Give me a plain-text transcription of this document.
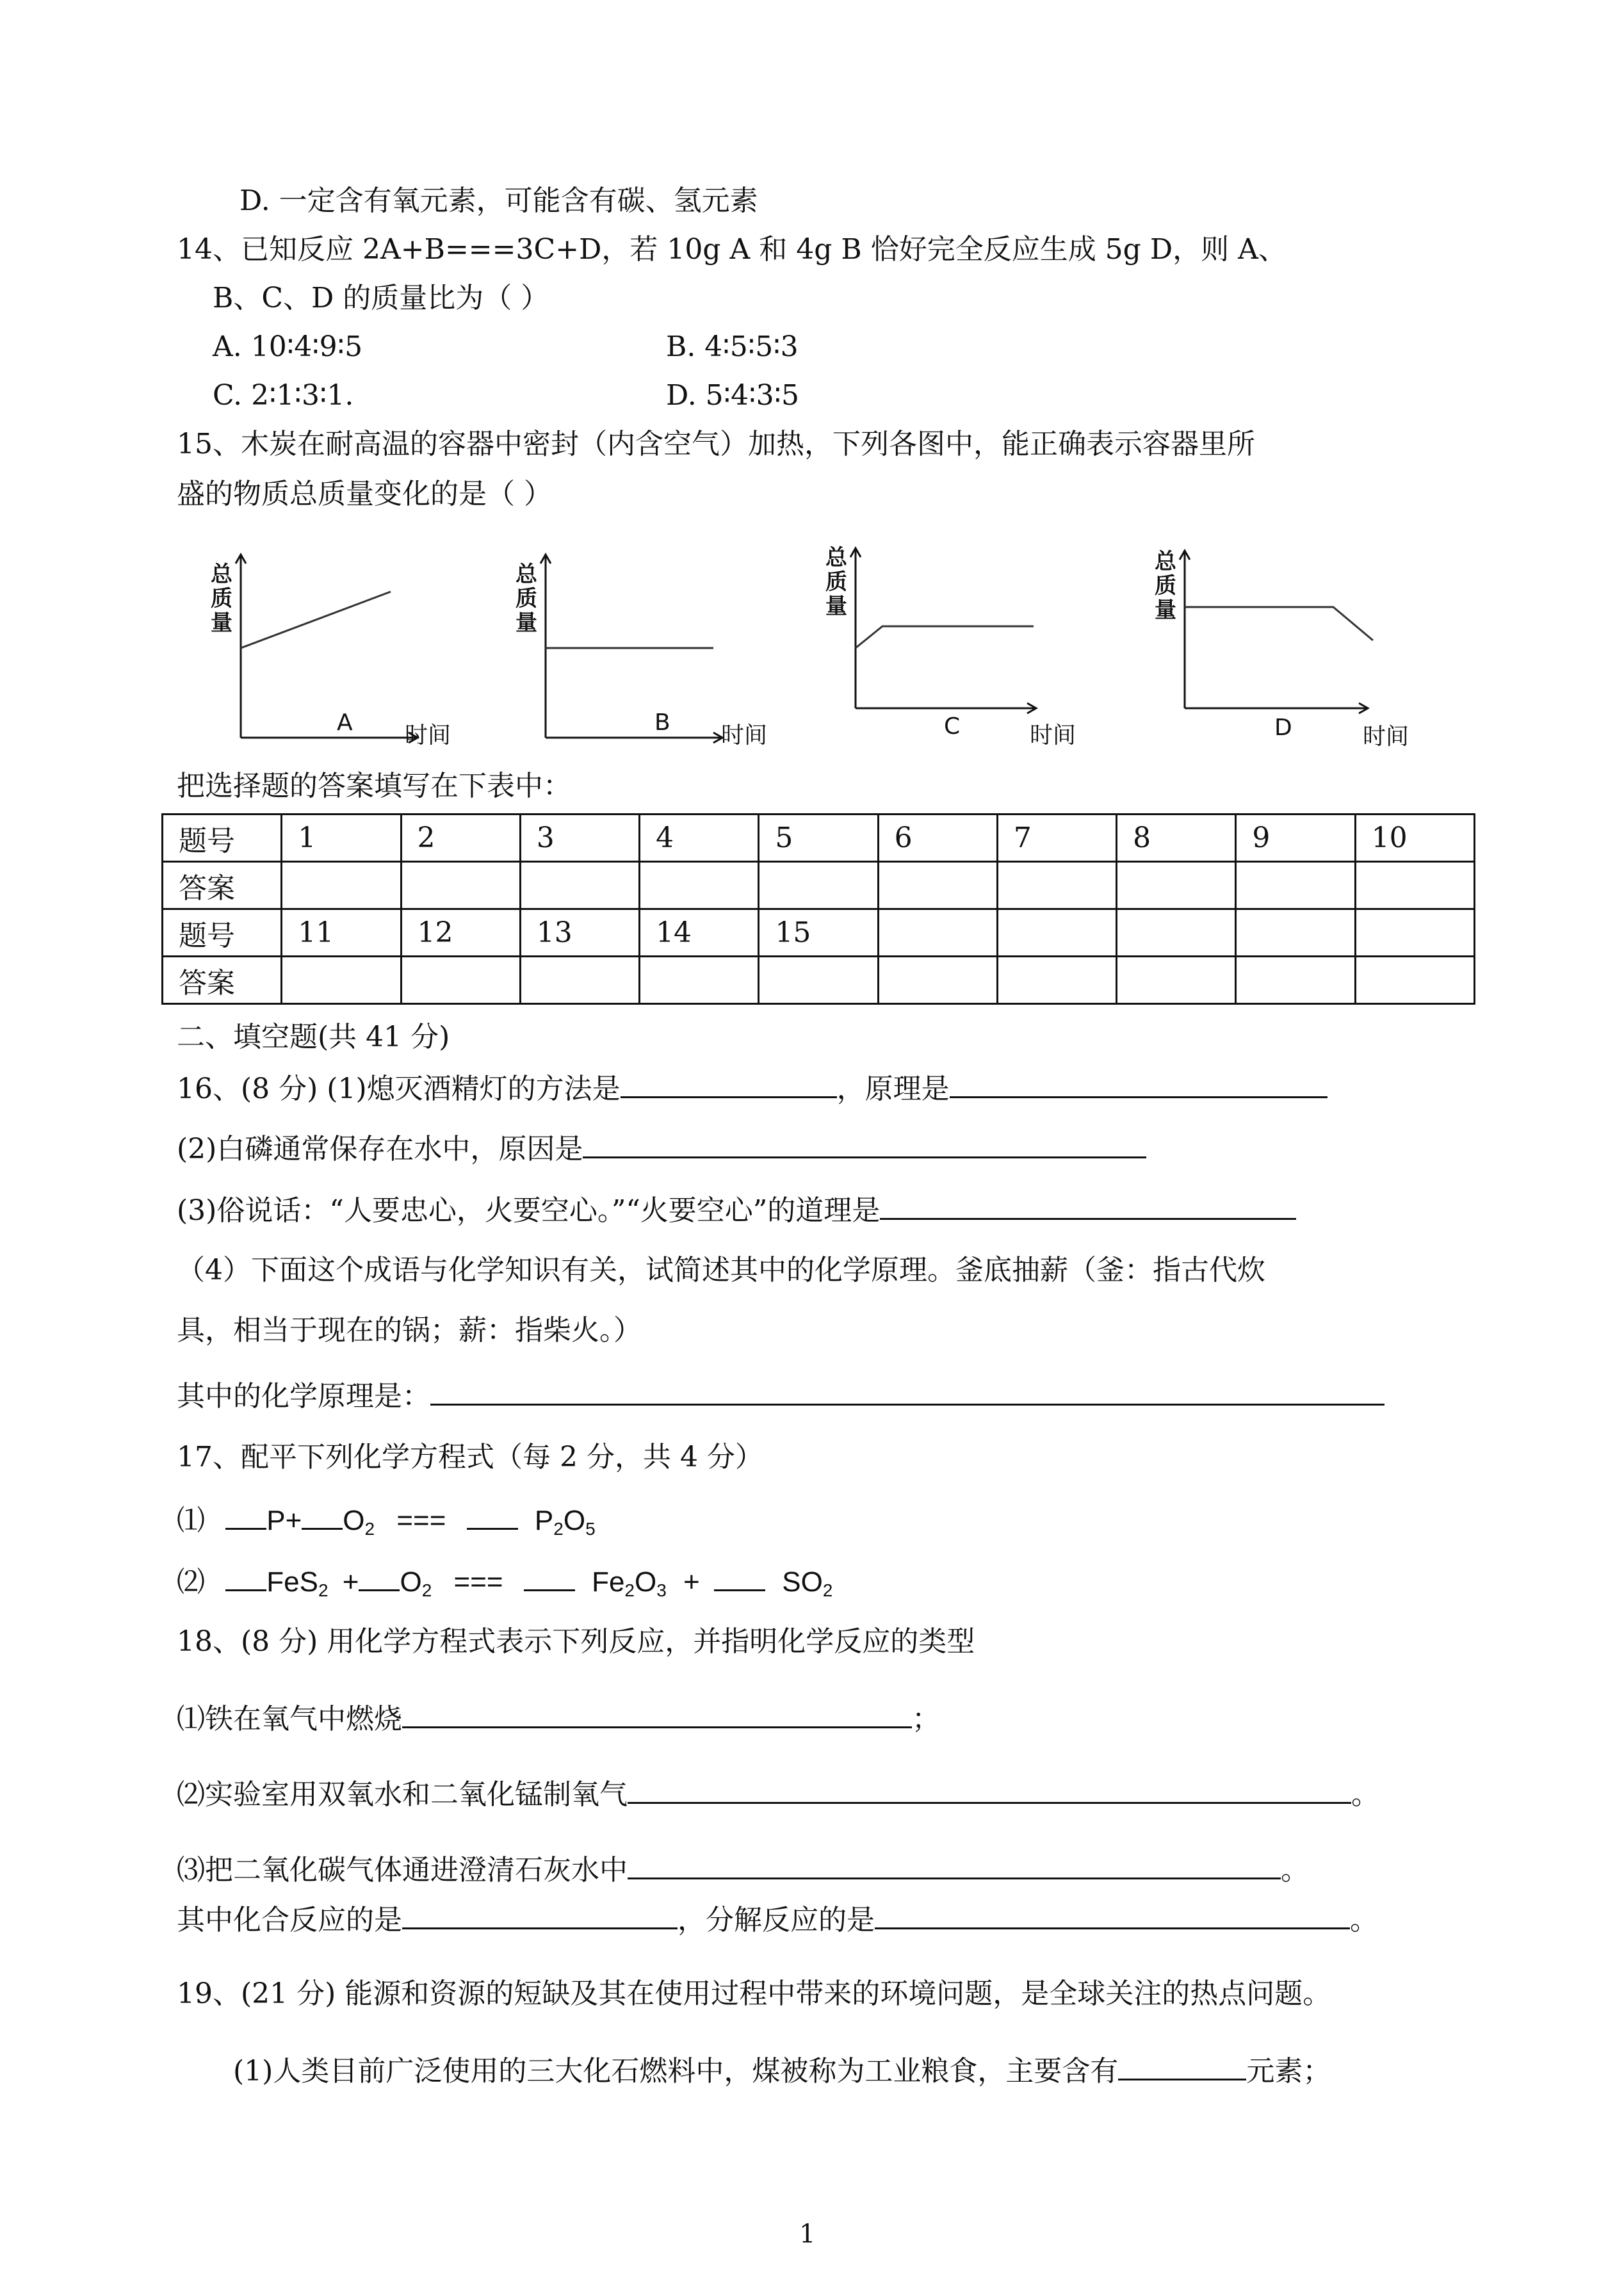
D. 一定含有氧元素，可能含有碳、氢元素
14、已知反应 2A+B===3C+D，若 10g A 和 4g B 恰好完全反应生成 5g D，则 A、
B、C、D 的质量比为（ ）
A. 10∶4∶9∶5	B. 4∶5∶5∶3
C. 2∶1∶3∶1.	D. 5∶4∶3∶5
15、木炭在耐高温的容器中密封（内含空气）加热，下列各图中，能正确表示容器里所
盛的物质总质量变化的是（ ）
总质量
A 时间
总质量
B 时间
总质量
C	时间
总质量
D	时间
把选择题的答案填写在下表中：
题号	1	2	3	4	5	6	7	8	9	10
答案										
题号	11	12	13	14	15					
答案										
二、填空题(共 41 分)
16、(8 分) (1)熄灭酒精灯的方法是	，原理是
(2)白磷通常保存在水中，原因是
(3)俗说话：“人要忠心，火要空心。”“火要空心”的道理是
（4）下面这个成语与化学知识有关，试简述其中的化学原理。釜底抽薪（釜：指古代炊
具，相当于现在的锅；薪：指柴火。）
其中的化学原理是：
17、配平下列化学方程式（每 2 分，共 4 分）
⑴ $P+ O_2$ ===	$P_2O_5$
⑵ $FeS_2 + O_2$ ===	$Fe_2O_3$ +	$SO_2$
18、(8 分) 用化学方程式表示下列反应，并指明化学反应的类型
⑴铁在氧气中燃烧	；
⑵实验室用双氧水和二氧化锰制氧气	。
⑶把二氧化碳气体通进澄清石灰水中	。
其中化合反应的是	，分解反应的是	。
19、(21 分) 能源和资源的短缺及其在使用过程中带来的环境问题，是全球关注的热点问题。
(1)人类目前广泛使用的三大化石燃料中，煤被称为工业粮食，主要含有	元素；
1
